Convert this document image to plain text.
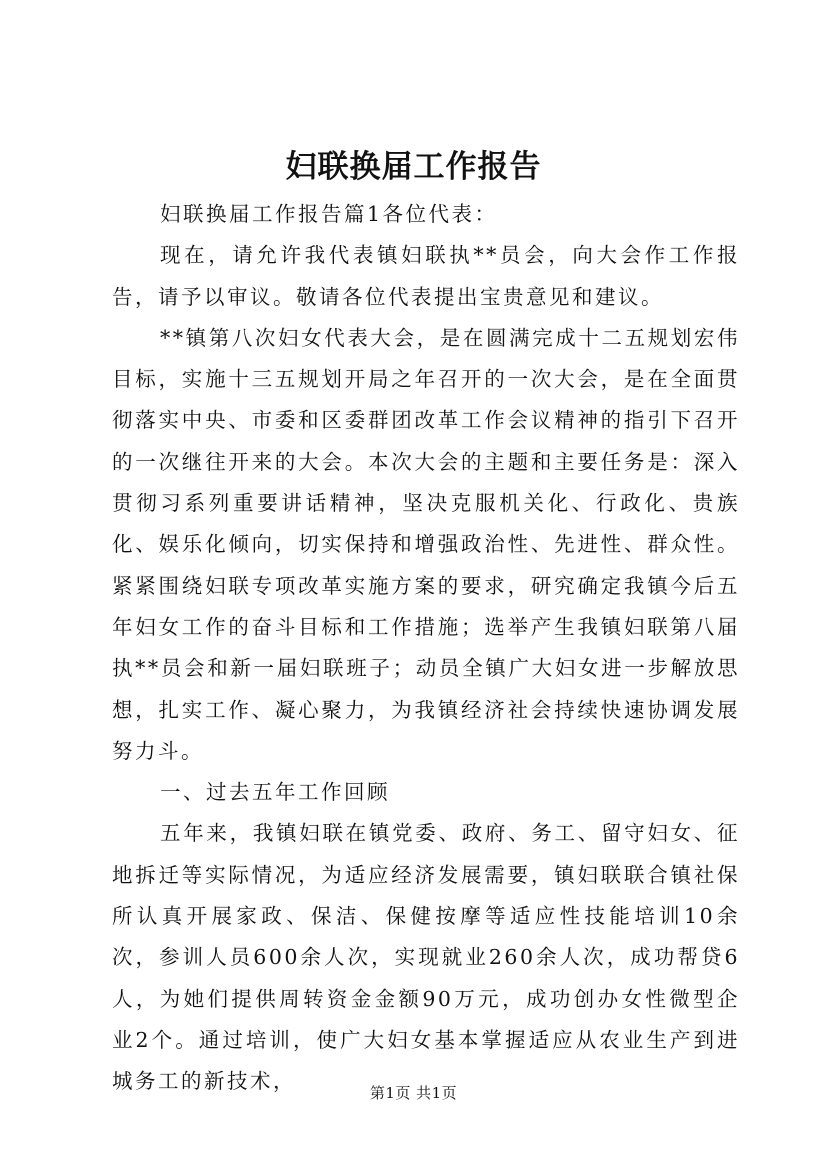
妇联换届工作报告

妇联换届工作报告篇1各位代表：

现在，请允许我代表镇妇联执**员会，向大会作工作报告，请予以审议。敬请各位代表提出宝贵意见和建议。

**镇第八次妇女代表大会，是在圆满完成十二五规划宏伟目标，实施十三五规划开局之年召开的一次大会，是在全面贯彻落实中央、市委和区委群团改革工作会议精神的指引下召开的一次继往开来的大会。本次大会的主题和主要任务是：深入贯彻习系列重要讲话精神，坚决克服机关化、行政化、贵族化、娱乐化倾向，切实保持和增强政治性、先进性、群众性。紧紧围绕妇联专项改革实施方案的要求，研究确定我镇今后五年妇女工作的奋斗目标和工作措施；选举产生我镇妇联第八届执**员会和新一届妇联班子；动员全镇广大妇女进一步解放思想，扎实工作、凝心聚力，为我镇经济社会持续快速协调发展努力斗。

一、过去五年工作回顾

五年来，我镇妇联在镇党委、政府、务工、留守妇女、征地拆迁等实际情况，为适应经济发展需要，镇妇联联合镇社保所认真开展家政、保洁、保健按摩等适应性技能培训10余次，参训人员600余人次，实现就业260余人次，成功帮贷6人，为她们提供周转资金金额90万元，成功创办女性微型企业2个。通过培训，使广大妇女基本掌握适应从农业生产到进城务工的新技术，	第1页 共1页
